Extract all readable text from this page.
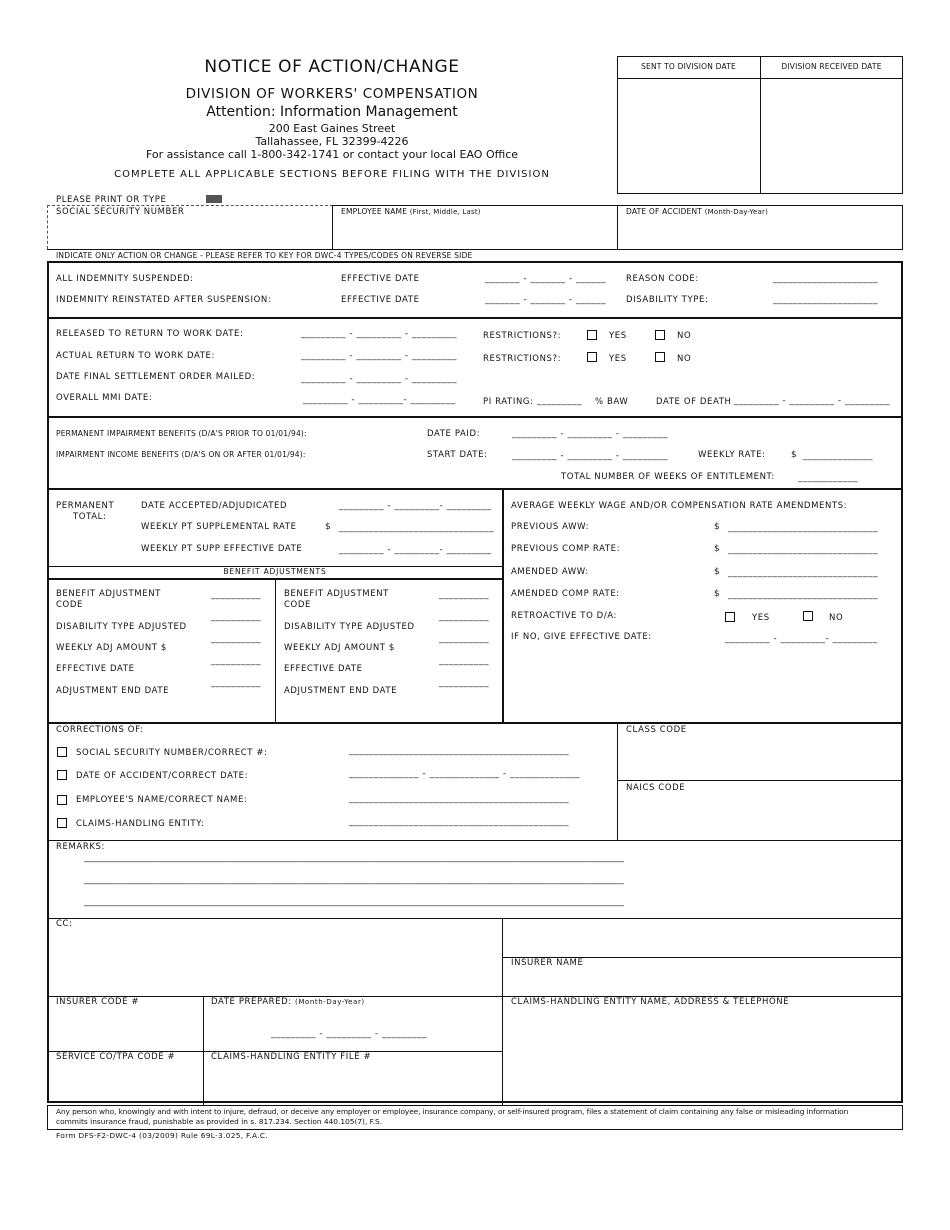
NOTICE OF ACTION/CHANGE
DIVISION OF WORKERS' COMPENSATION
Attention: Information Management
200 East Gaines Street
Tallahassee, FL 32399-4226
For assistance call 1-800-342-1741 or contact your local EAO Office
COMPLETE ALL APPLICABLE SECTIONS BEFORE FILING WITH THE DIVISION
SENT TO DIVISION DATE	DIVISION RECEIVED DATE
PLEASE PRINT OR TYPE
SOCIAL SECURITY NUMBER	EMPLOYEE NAME (First, Middle, Last)	DATE OF ACCIDENT (Month-Day-Year)
INDICATE ONLY ACTION OR CHANGE - PLEASE REFER TO KEY FOR DWC-4 TYPES/CODES ON REVERSE SIDE
ALL INDEMNITY SUSPENDED:	EFFECTIVE DATE	_______ - _______ - ______ REASON CODE:	_____________________
INDEMNITY REINSTATED AFTER SUSPENSION:	EFFECTIVE DATE	_______ - _______ - ______ DISABILITY TYPE:	_____________________
RELEASED TO RETURN TO WORK DATE:	_________ - _________ - _________	RESTRICTIONS?:	YES	NO
ACTUAL RETURN TO WORK DATE:	_________ - _________ - _________	RESTRICTIONS?:	YES	NO
DATE FINAL SETTLEMENT ORDER MAILED:	_________ - _________ - _________
OVERALL MMI DATE:	_________ - _________- _________	PI RATING: _________ % BAW	DATE OF DEATH _________ - _________ - _________
PERMANENT IMPAIRMENT BENEFITS (D/A'S PRIOR TO 01/01/94):	DATE PAID:	_________ - _________ - _________
IMPAIRMENT INCOME BENEFITS (D/A'S ON OR AFTER 01/01/94):	START DATE:	_________ - _________ - _________	WEEKLY RATE:	$ ______________
TOTAL NUMBER OF WEEKS OF ENTITLEMENT:	____________
PERMANENT
TOTAL:
DATE ACCEPTED/ADJUDICATED	_________ - _________- _________
WEEKLY PT SUPPLEMENTAL RATE	$ _______________________________
WEEKLY PT SUPP EFFECTIVE DATE	_________ - _________- _________
BENEFIT ADJUSTMENTS
BENEFIT ADJUSTMENT
CODE
__________
DISABILITY TYPE ADJUSTED
__________
WEEKLY ADJ AMOUNT $
__________
EFFECTIVE DATE
__________
ADJUSTMENT END DATE
__________
BENEFIT ADJUSTMENT
CODE
__________
DISABILITY TYPE ADJUSTED
__________
WEEKLY ADJ AMOUNT $
__________
EFFECTIVE DATE
__________
ADJUSTMENT END DATE
__________
AVERAGE WEEKLY WAGE AND/OR COMPENSATION RATE AMENDMENTS:
PREVIOUS AWW:	$ ______________________________
PREVIOUS COMP RATE:	$ ______________________________
AMENDED AWW:	$ ______________________________
AMENDED COMP RATE:	$ ______________________________
RETROACTIVE TO D/A:	YES	NO
IF NO, GIVE EFFECTIVE DATE:	_________ - _________- _________
CORRECTIONS OF:
SOCIAL SECURITY NUMBER/CORRECT #:	____________________________________________
DATE OF ACCIDENT/CORRECT DATE:	______________ - ______________ - ______________
EMPLOYEE'S NAME/CORRECT NAME:	____________________________________________
CLAIMS-HANDLING ENTITY:	____________________________________________
CLASS CODE
NAICS CODE
REMARKS:
________________________________________________________________________________________________________________________
________________________________________________________________________________________________________________________
________________________________________________________________________________________________________________________
CC:
INSURER NAME
INSURER CODE #	DATE PREPARED: (Month-Day-Year)
_________ - _________ - _________
CLAIMS-HANDLING ENTITY NAME, ADDRESS & TELEPHONE
SERVICE CO/TPA CODE #	CLAIMS-HANDLING ENTITY FILE #
Any person who, knowingly and with intent to injure, defraud, or deceive any employer or employee, insurance company, or self-insured program, files a statement of claim containing any false or misleading information
commits insurance fraud, punishable as provided in s. 817.234. Section 440.105(7), F.S.
Form DFS-F2-DWC-4 (03/2009) Rule 69L-3.025, F.A.C.
